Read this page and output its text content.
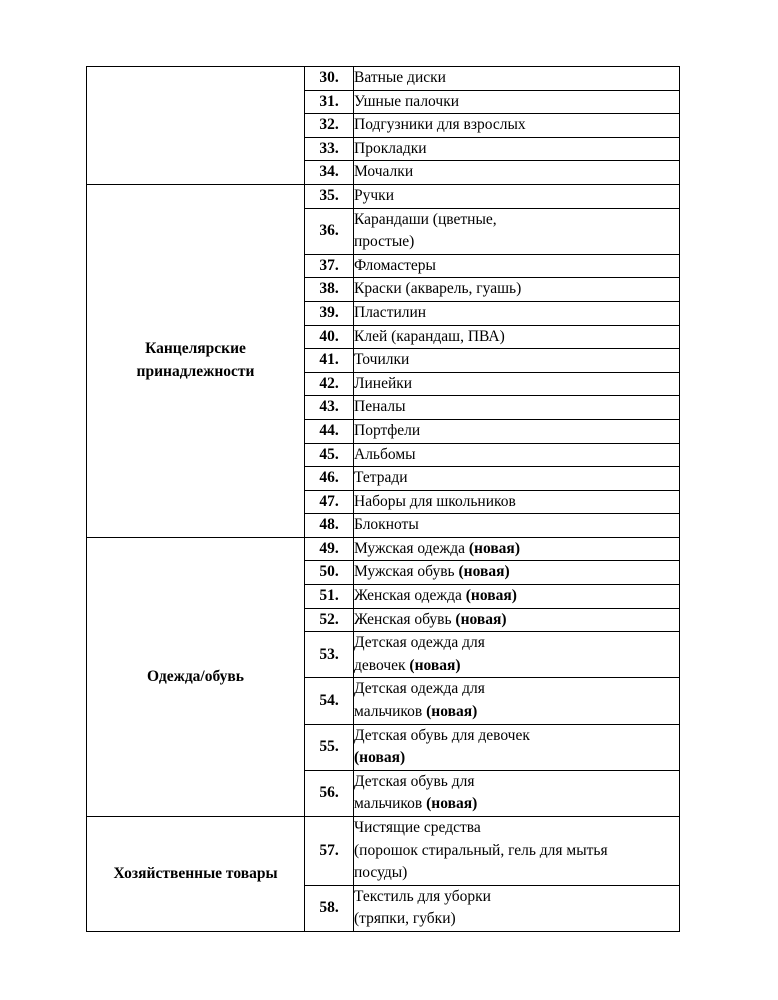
	30.	Ватные диски

	31.	Ушные палочки

	32.	Подгузники для взрослых

	33.	Прокладки

	34.	Мочалки

Канцелярскиепринадлежности	35.	Ручки

	36.	Карандаши (цветные,
простые)

	37.	Фломастеры

	38.	Краски (акварель, гуашь)

	39.	Пластилин

	40.	Клей (карандаш, ПВА)

	41.	Точилки

	42.	Линейки

	43.	Пеналы

	44.	Портфели

	45.	Альбомы

	46.	Тетради

	47.	Наборы для школьников

	48.	Блокноты

Одежда/обувь	49.	Мужская одежда (новая)

	50.	Мужская обувь (новая)

	51.	Женская одежда (новая)

	52.	Женская обувь (новая)

	53.	Детская одежда для
девочек (новая)

	54.	Детская одежда для
мальчиков (новая)

	55.	Детская обувь для девочек
(новая)

	56.	Детская обувь для
мальчиков (новая)

Хозяйственные товары	57.	Чистящие средства
(порошок стиральный, гель для мытья
посуды)

	58.	Текстиль для уборки
(тряпки, губки)
